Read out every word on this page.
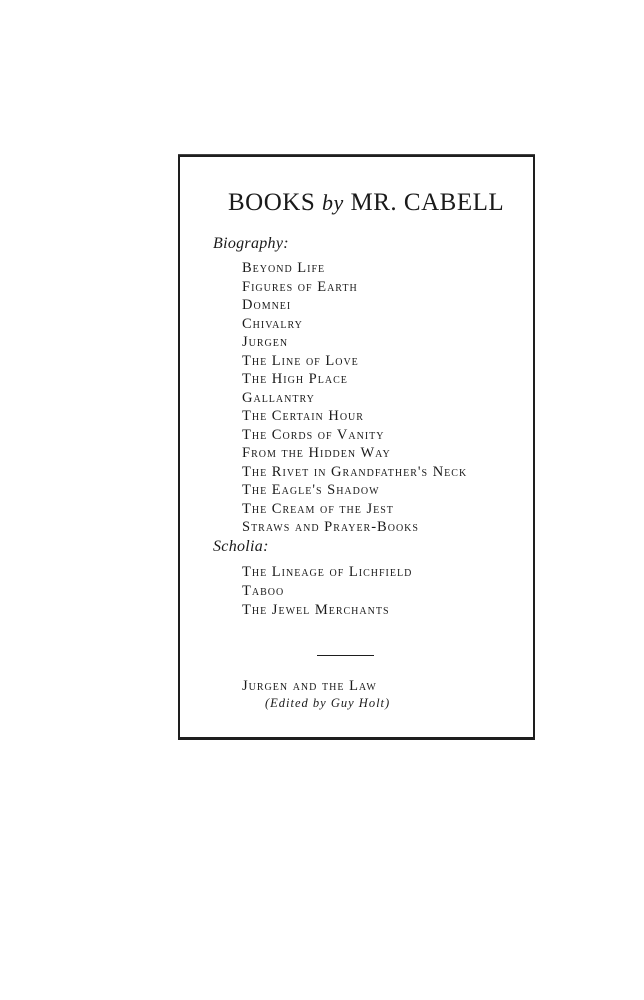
BOOKS by MR. CABELL
Biography:
Beyond Life
Figures of Earth
Domnei
Chivalry
Jurgen
The Line of Love
The High Place
Gallantry
The Certain Hour
The Cords of Vanity
From the Hidden Way
The Rivet in Grandfather's Neck
The Eagle's Shadow
The Cream of the Jest
Straws and Prayer-Books
Scholia:
The Lineage of Lichfield
Taboo
The Jewel Merchants
Jurgen and the Law
(Edited by Guy Holt)
